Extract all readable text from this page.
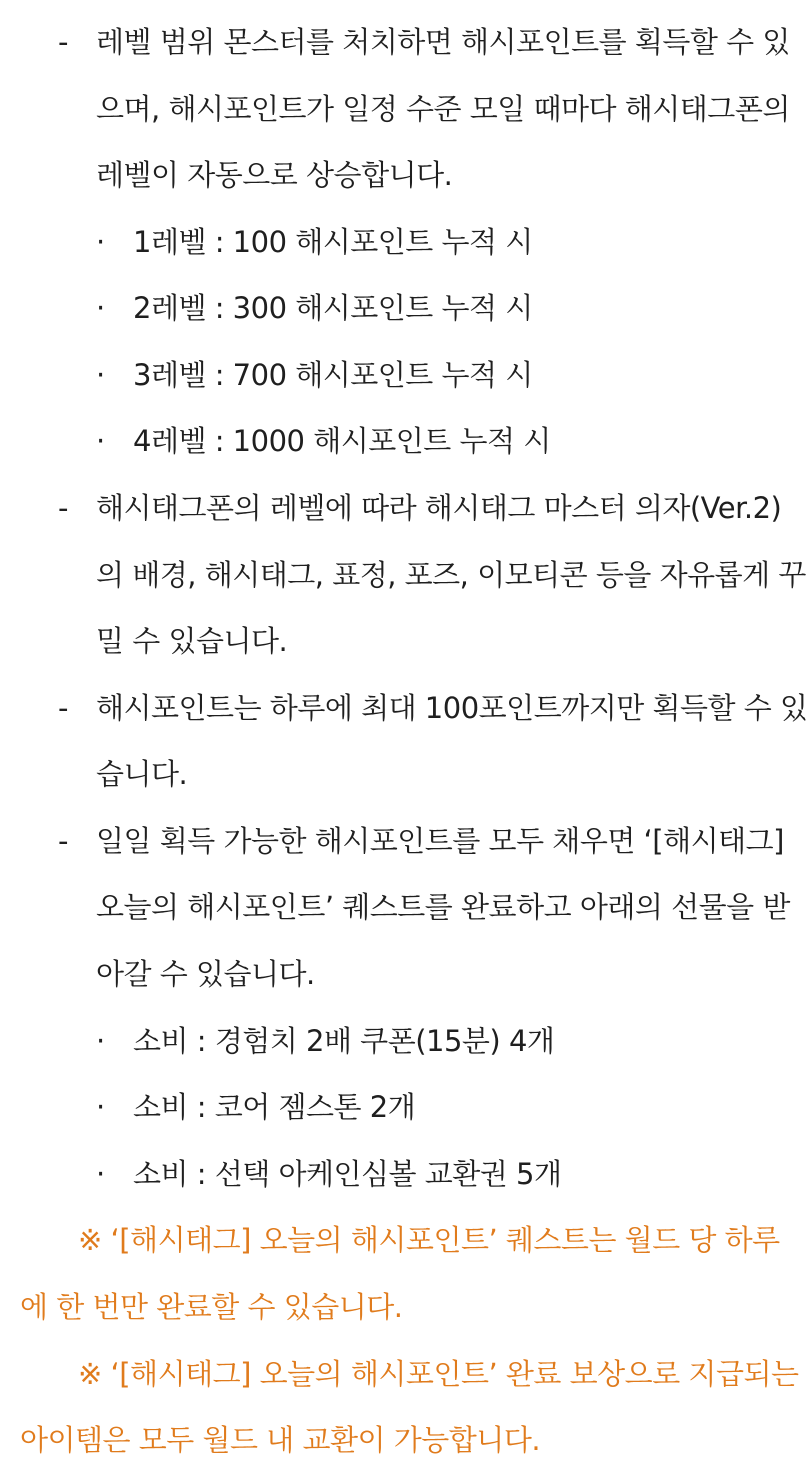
- 레벨 범위 몬스터를 처치하면 해시포인트를 획득할 수 있
으며, 해시포인트가 일정 수준 모일 때마다 해시태그폰의
레벨이 자동으로 상승합니다.
· 1레벨 : 100 해시포인트 누적 시
· 2레벨 : 300 해시포인트 누적 시
· 3레벨 : 700 해시포인트 누적 시
· 4레벨 : 1000 해시포인트 누적 시
- 해시태그폰의 레벨에 따라 해시태그 마스터 의자(Ver.2)
의 배경, 해시태그, 표정, 포즈, 이모티콘 등을 자유롭게 꾸
밀 수 있습니다.
- 해시포인트는 하루에 최대 100포인트까지만 획득할 수 있
습니다.
- 일일 획득 가능한 해시포인트를 모두 채우면 ‘[해시태그]
오늘의 해시포인트’ 퀘스트를 완료하고 아래의 선물을 받
아갈 수 있습니다.
· 소비 : 경험치 2배 쿠폰(15분) 4개
· 소비 : 코어 젬스톤 2개
· 소비 : 선택 아케인심볼 교환권 5개
※ ‘[해시태그] 오늘의 해시포인트’ 퀘스트는 월드 당 하루
에 한 번만 완료할 수 있습니다.
※ ‘[해시태그] 오늘의 해시포인트’ 완료 보상으로 지급되는
아이템은 모두 월드 내 교환이 가능합니다.
